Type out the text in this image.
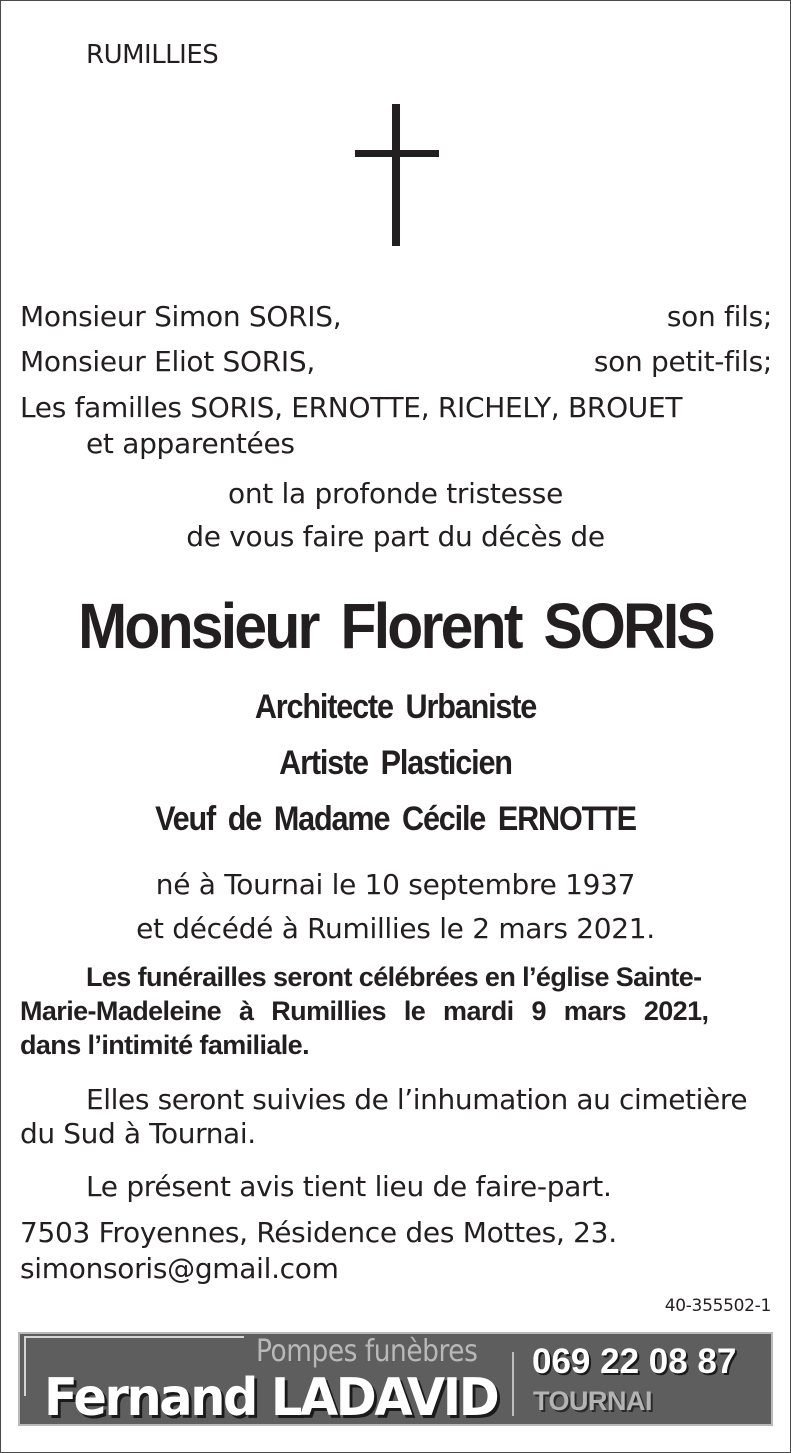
RUMILLIES
Monsieur Simon SORIS,	son fils;
Monsieur Eliot SORIS,	son petit-fils;
Les familles SORIS, ERNOTTE, RICHELY, BROUET
et apparentées
ont la profonde tristesse
de vous faire part du décès de
Monsieur Florent SORIS
Architecte Urbaniste
Artiste Plasticien
Veuf de Madame Cécile ERNOTTE
né à Tournai le 10 septembre 1937
et décédé à Rumillies le 2 mars 2021.
Les funérailles seront célébrées en l’église Sainte-
Marie-Madeleine à Rumillies le mardi 9 mars 2021,
dans l’intimité familiale.
Elles seront suivies de l’inhumation au cimetière
du Sud à Tournai.
Le présent avis tient lieu de faire-part.
7503 Froyennes, Résidence des Mottes, 23.
simonsoris@gmail.com
40-355502-1
Pompes funèbres
Fernand LADAVID
069 22 08 87
TOURNAI
